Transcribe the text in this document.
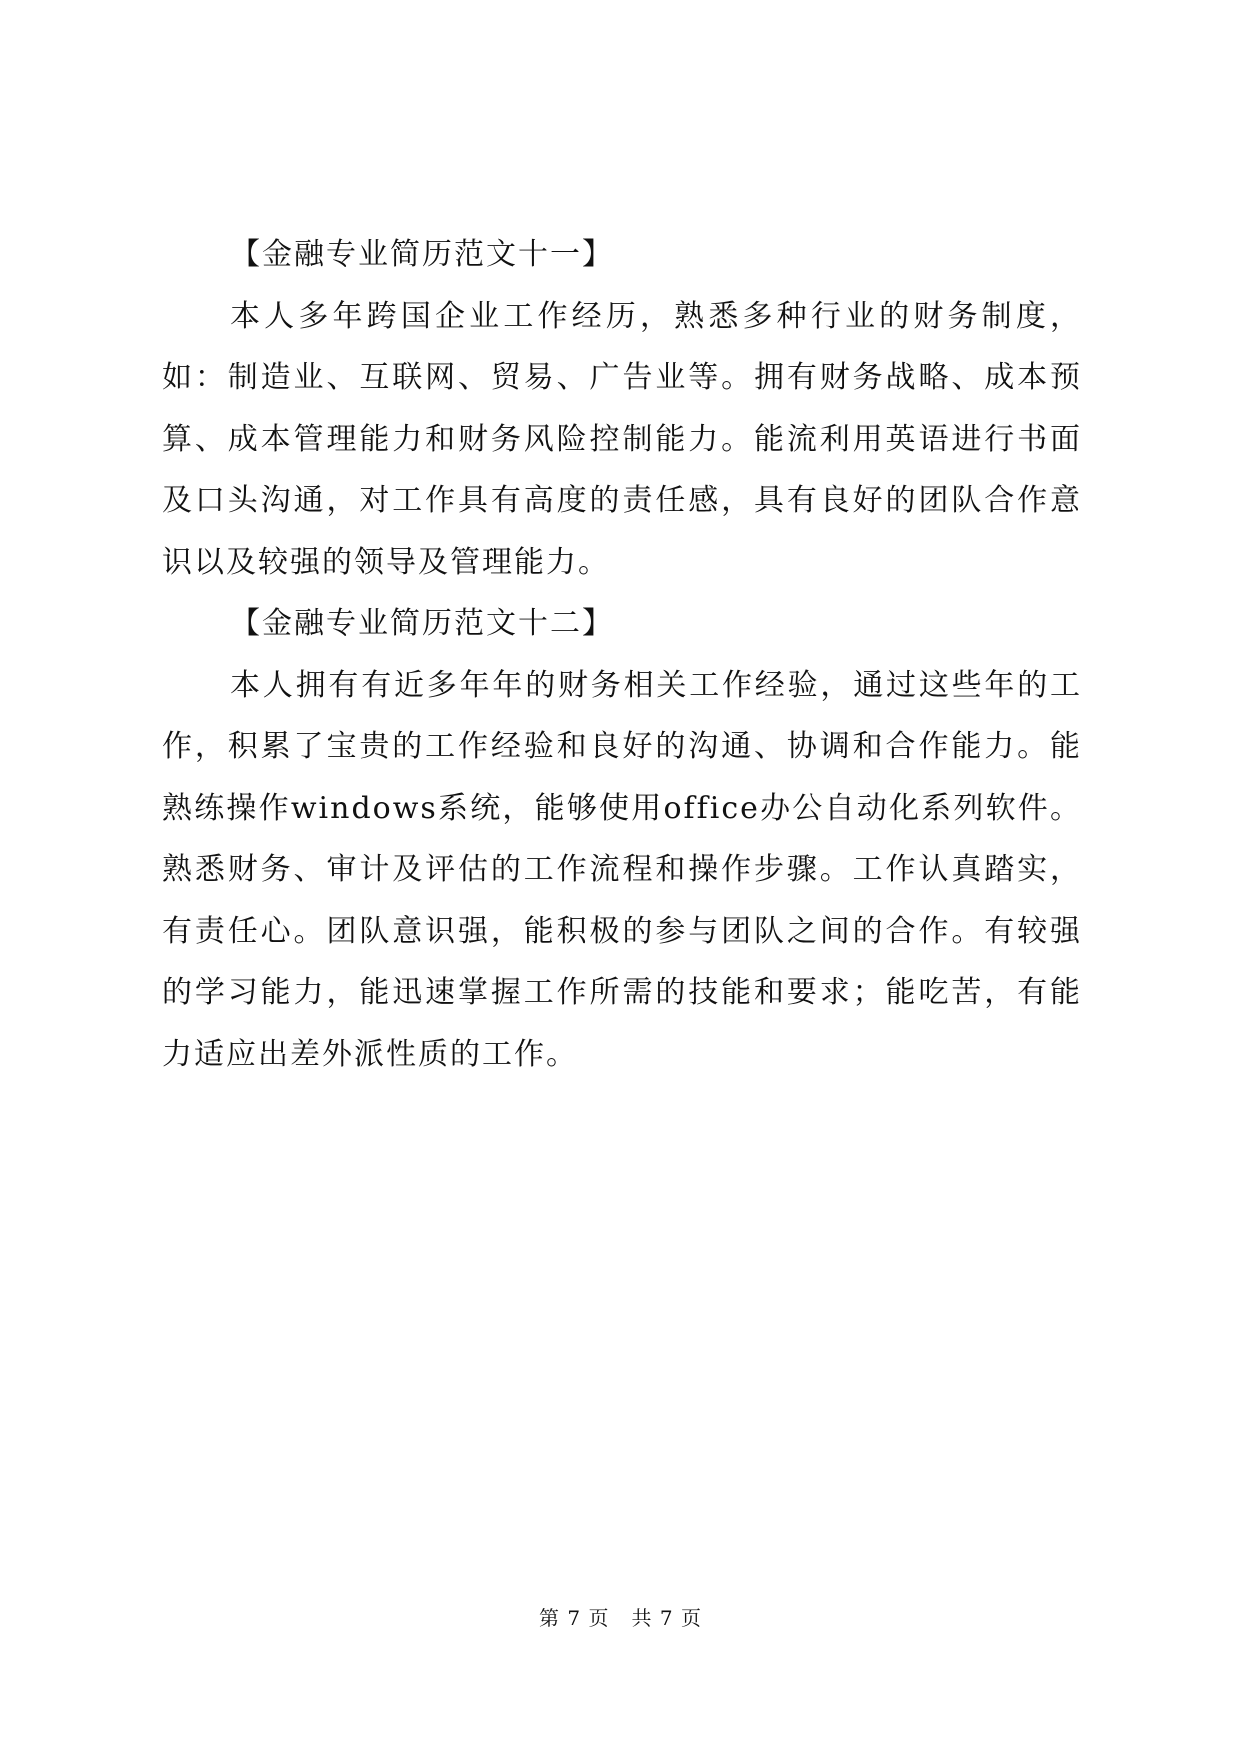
【金融专业简历范文十一】

本人多年跨国企业工作经历，熟悉多种行业的财务制度，如：制造业、互联网、贸易、广告业等。拥有财务战略、成本预算、成本管理能力和财务风险控制能力。能流利用英语进行书面及口头沟通，对工作具有高度的责任感，具有良好的团队合作意识以及较强的领导及管理能力。

【金融专业简历范文十二】

本人拥有有近多年年的财务相关工作经验，通过这些年的工作，积累了宝贵的工作经验和良好的沟通、协调和合作能力。能熟练操作windows系统，能够使用office办公自动化系列软件。熟悉财务、审计及评估的工作流程和操作步骤。工作认真踏实，有责任心。团队意识强，能积极的参与团队之间的合作。有较强的学习能力，能迅速掌握工作所需的技能和要求；能吃苦，有能力适应出差外派性质的工作。

第 7 页 共 7 页
